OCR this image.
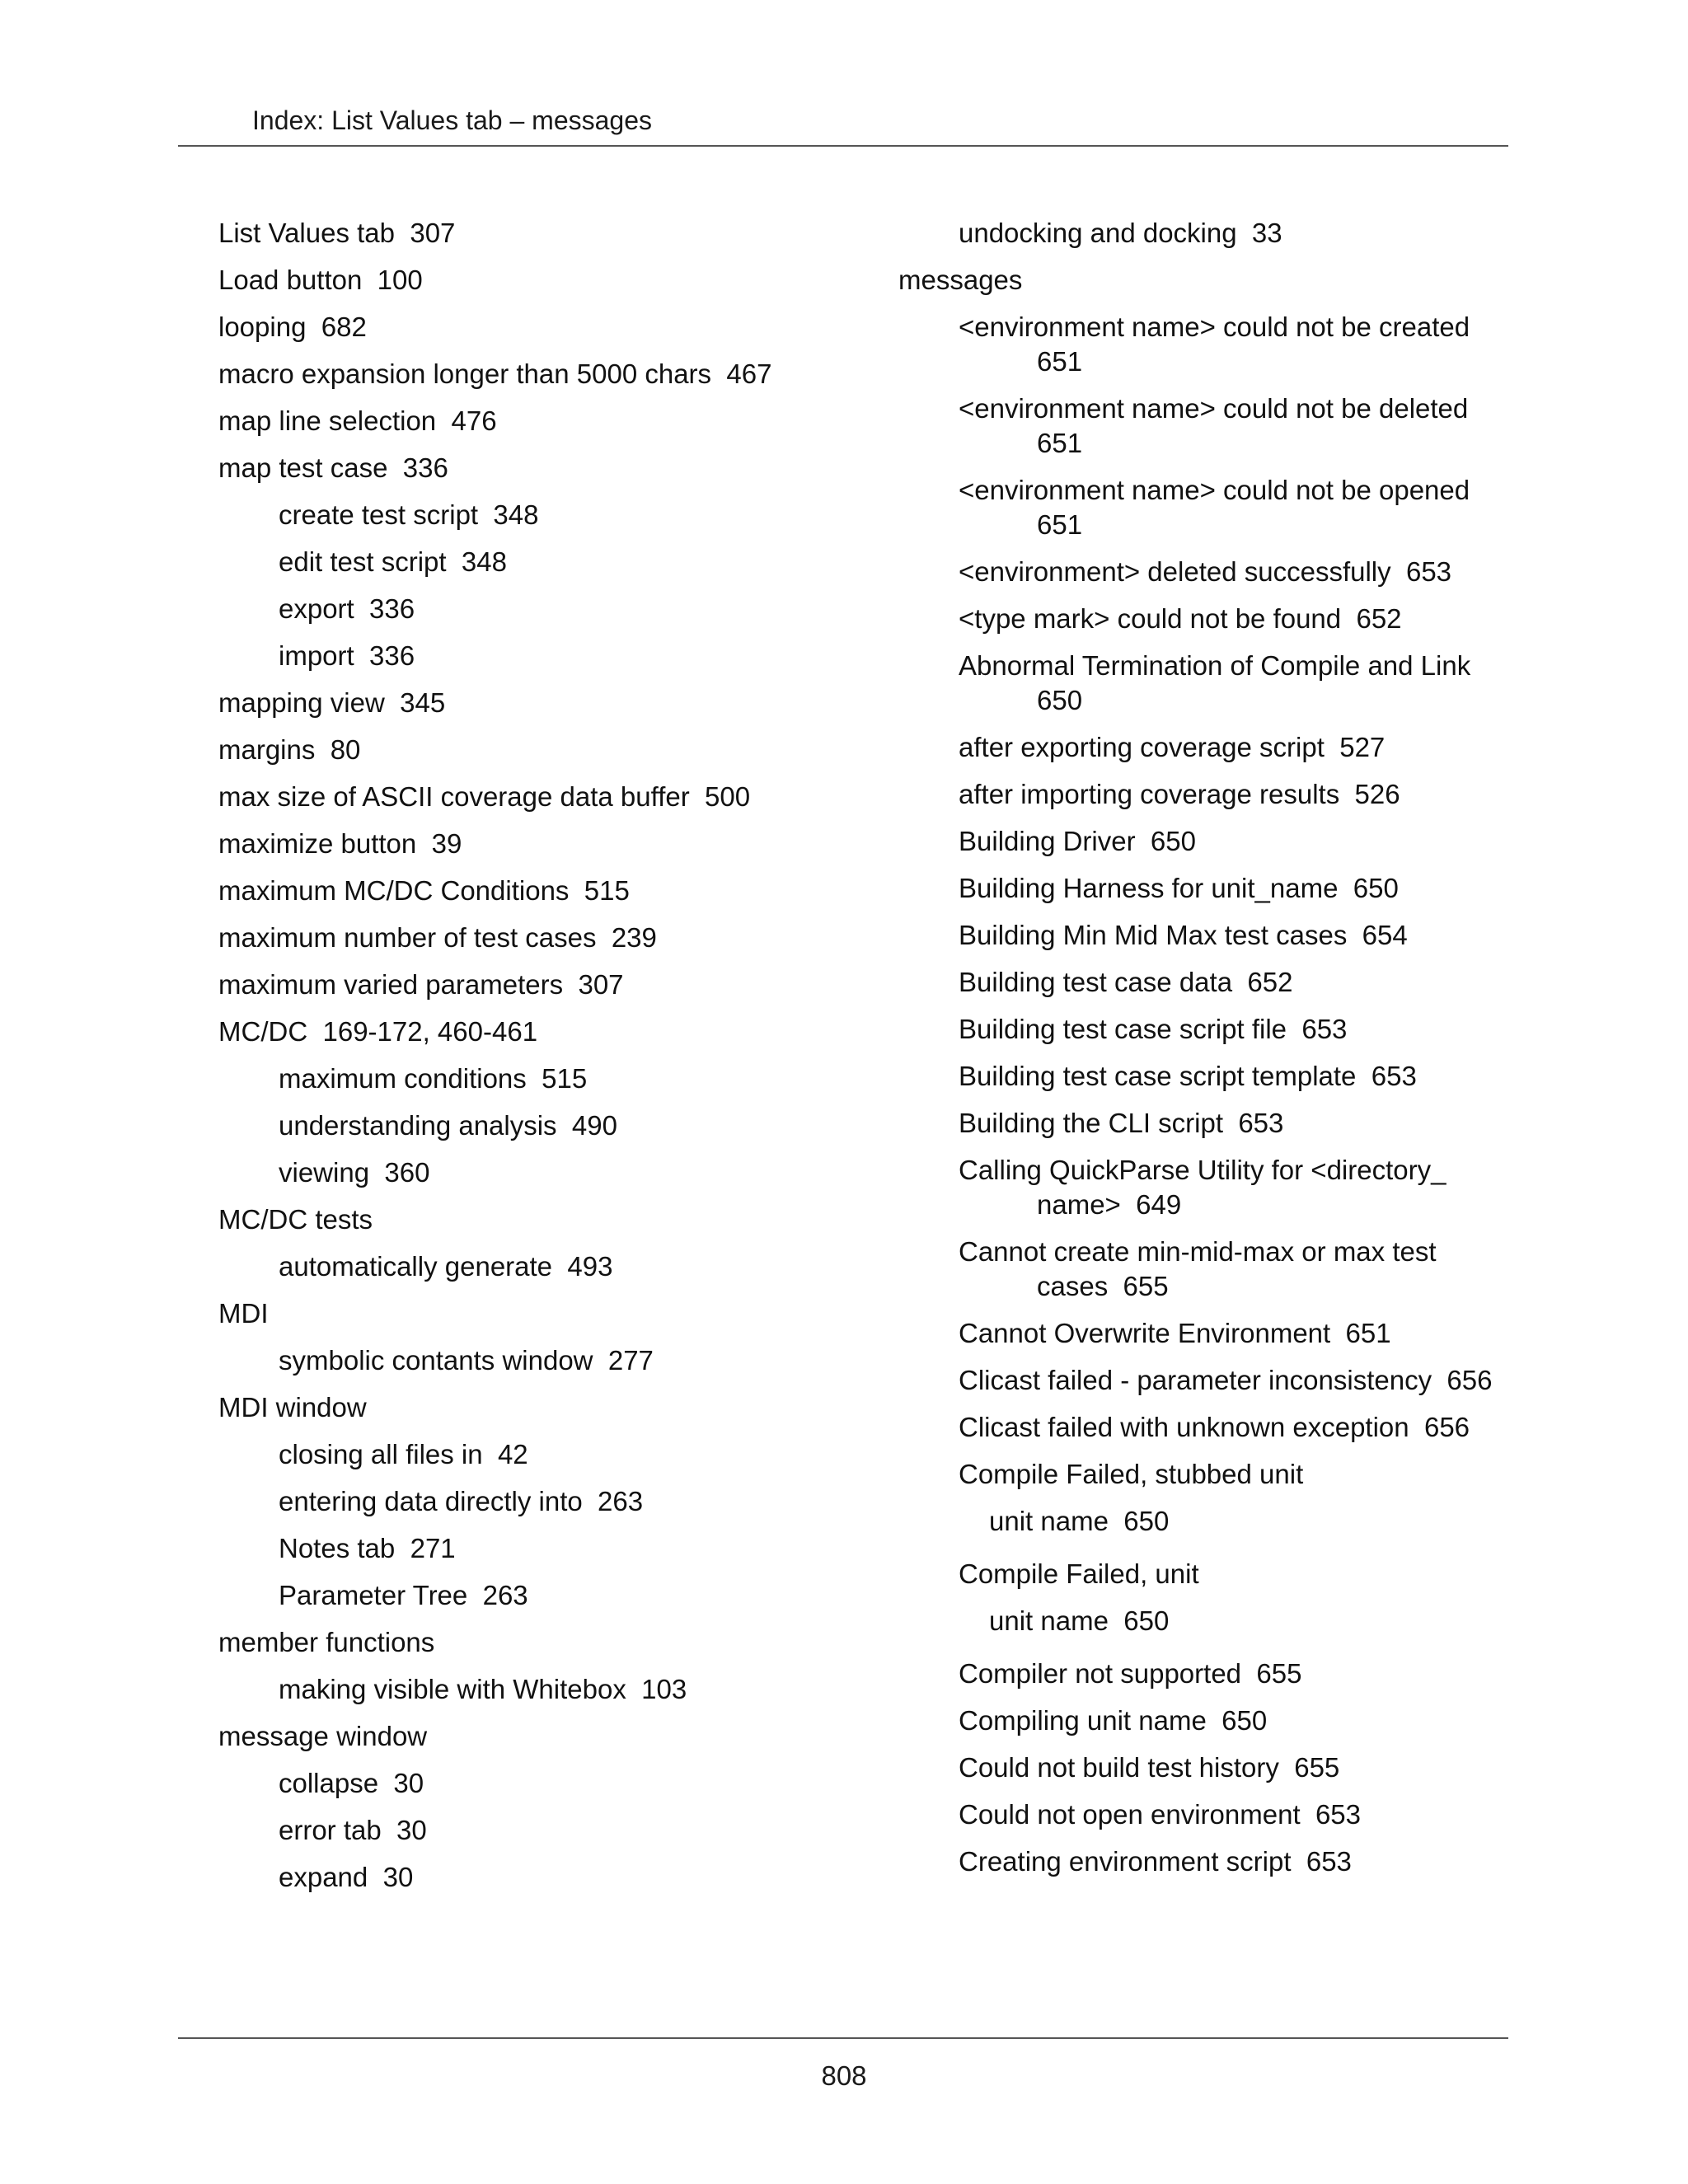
Index: List Values tab – messages
List Values tab  307
Load button  100
looping  682
macro expansion longer than 5000 chars  467
map line selection  476
map test case  336
create test script  348
edit test script  348
export  336
import  336
mapping view  345
margins  80
max size of ASCII coverage data buffer  500
maximize button  39
maximum MC/DC Conditions  515
maximum number of test cases  239
maximum varied parameters  307
MC/DC  169-172, 460-461
maximum conditions  515
understanding analysis  490
viewing  360
MC/DC tests
automatically generate  493
MDI
symbolic contants window  277
MDI window
closing all files in  42
entering data directly into  263
Notes tab  271
Parameter Tree  263
member functions
making visible with Whitebox  103
message window
collapse  30
error tab  30
expand  30
undocking and docking  33
messages
<environment name> could not be created  651
<environment name> could not be deleted  651
<environment name> could not be opened  651
<environment> deleted successfully  653
<type mark> could not be found  652
Abnormal Termination of Compile and Link  650
after exporting coverage script  527
after importing coverage results  526
Building Driver  650
Building Harness for unit_name  650
Building Min Mid Max test cases  654
Building test case data  652
Building test case script file  653
Building test case script template  653
Building the CLI script  653
Calling QuickParse Utility for <directory_ name>  649
Cannot create min-mid-max or max test cases  655
Cannot Overwrite Environment  651
Clicast failed - parameter inconsistency  656
Clicast failed with unknown exception  656
Compile Failed, stubbed unit
unit name  650
Compile Failed, unit
unit name  650
Compiler not supported  655
Compiling unit name  650
Could not build test history  655
Could not open environment  653
Creating environment script  653
808
